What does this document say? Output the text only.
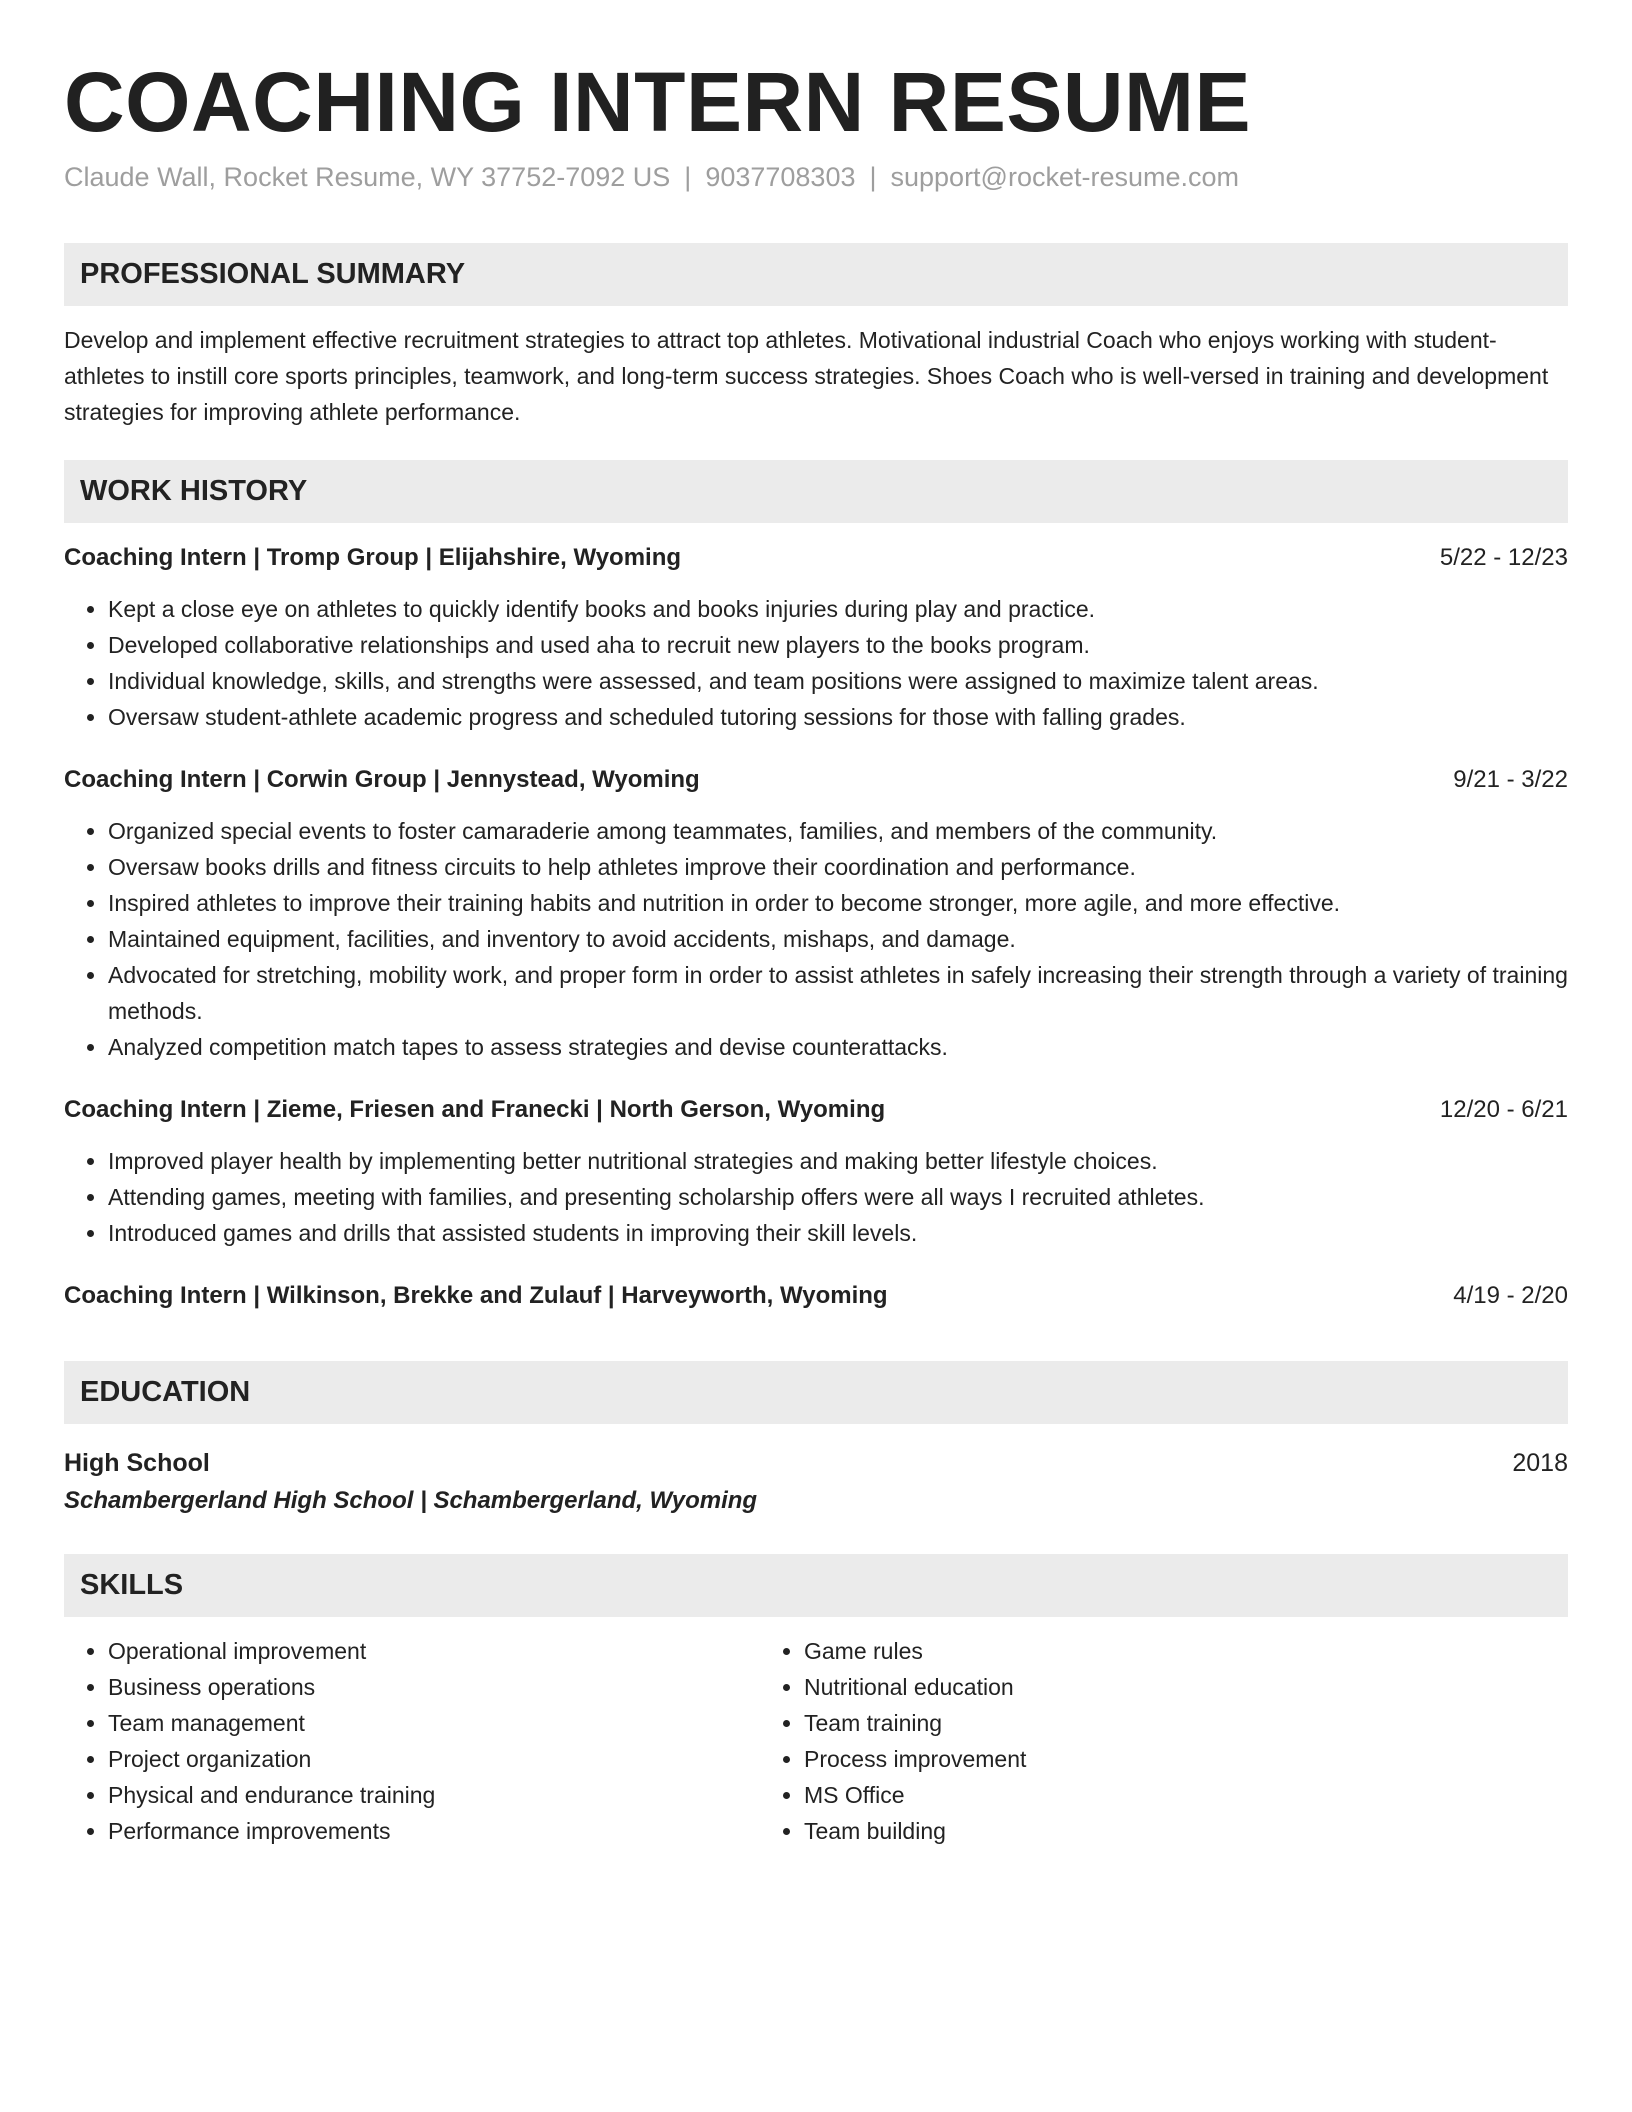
COACHING INTERN RESUME
Claude Wall, Rocket Resume, WY 37752-7092 US | 9037708303 | support@rocket-resume.com
PROFESSIONAL SUMMARY

Develop and implement effective recruitment strategies to attract top athletes. Motivational industrial Coach who enjoys working with student-athletes to instill core sports principles, teamwork, and long-term success strategies. Shoes Coach who is well-versed in training and development strategies for improving athlete performance.

WORK HISTORY
Coaching Intern | Tromp Group | Elijahshire, Wyoming	5/22 - 12/23
• Kept a close eye on athletes to quickly identify books and books injuries during play and practice.
• Developed collaborative relationships and used aha to recruit new players to the books program.
• Individual knowledge, skills, and strengths were assessed, and team positions were assigned to maximize talent areas.
• Oversaw student-athlete academic progress and scheduled tutoring sessions for those with falling grades.
Coaching Intern | Corwin Group | Jennystead, Wyoming	9/21 - 3/22
• Organized special events to foster camaraderie among teammates, families, and members of the community.
• Oversaw books drills and fitness circuits to help athletes improve their coordination and performance.
• Inspired athletes to improve their training habits and nutrition in order to become stronger, more agile, and more effective.
• Maintained equipment, facilities, and inventory to avoid accidents, mishaps, and damage.
• Advocated for stretching, mobility work, and proper form in order to assist athletes in safely increasing their strength through a variety of training methods.
• Analyzed competition match tapes to assess strategies and devise counterattacks.
Coaching Intern | Zieme, Friesen and Franecki | North Gerson, Wyoming	12/20 - 6/21
• Improved player health by implementing better nutritional strategies and making better lifestyle choices.
• Attending games, meeting with families, and presenting scholarship offers were all ways I recruited athletes.
• Introduced games and drills that assisted students in improving their skill levels.
Coaching Intern | Wilkinson, Brekke and Zulauf | Harveyworth, Wyoming	4/19 - 2/20
EDUCATION
High School	2018
Schambergerland High School | Schambergerland, Wyoming
SKILLS
• Operational improvement
• Business operations
• Team management
• Project organization
• Physical and endurance training
• Performance improvements
• Game rules
• Nutritional education
• Team training
• Process improvement
• MS Office
• Team building
